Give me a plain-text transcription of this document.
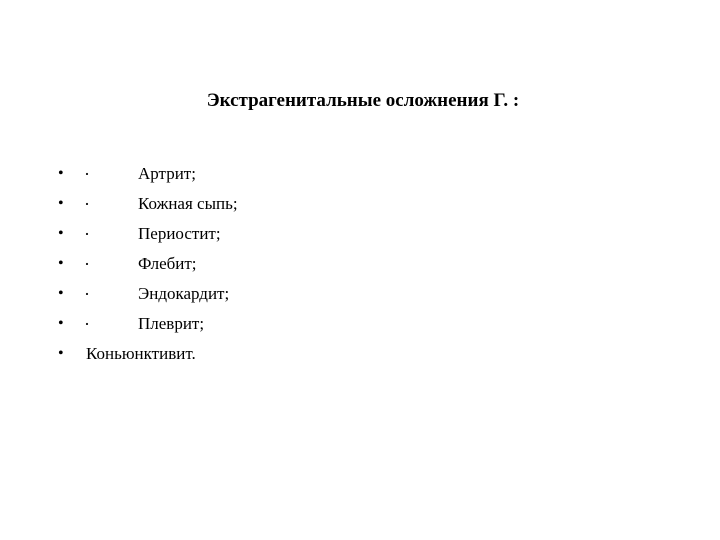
Экстрагенитальные осложнения Г. :
•	·	Артрит;
•	·	Кожная сыпь;
•	·	Периостит;
•	·	Флебит;
•	·	Эндокардит;
•	·	Плеврит;
•	Коньюнктивит.
